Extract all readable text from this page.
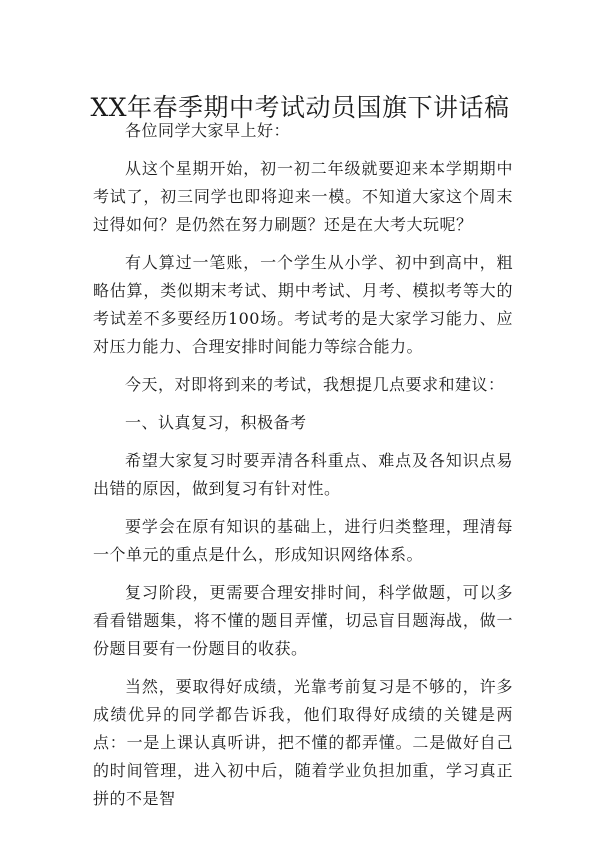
XX年春季期中考试动员国旗下讲话稿

各位同学大家早上好：

从这个星期开始，初一初二年级就要迎来本学期期中考试了，初三同学也即将迎来一模。不知道大家这个周末过得如何？是仍然在努力刷题？还是在大考大玩呢？

有人算过一笔账，一个学生从小学、初中到高中，粗略估算，类似期末考试、期中考试、月考、模拟考等大的考试差不多要经历100场。考试考的是大家学习能力、应对压力能力、合理安排时间能力等综合能力。

今天，对即将到来的考试，我想提几点要求和建议：

一、认真复习，积极备考

希望大家复习时要弄清各科重点、难点及各知识点易出错的原因，做到复习有针对性。

要学会在原有知识的基础上，进行归类整理，理清每一个单元的重点是什么，形成知识网络体系。

复习阶段，更需要合理安排时间，科学做题，可以多看看错题集，将不懂的题目弄懂，切忌盲目题海战，做一份题目要有一份题目的收获。

当然，要取得好成绩，光靠考前复习是不够的，许多成绩优异的同学都告诉我，他们取得好成绩的关键是两点：一是上课认真听讲，把不懂的都弄懂。二是做好自己的时间管理，进入初中后，随着学业负担加重，学习真正拼的不是智
